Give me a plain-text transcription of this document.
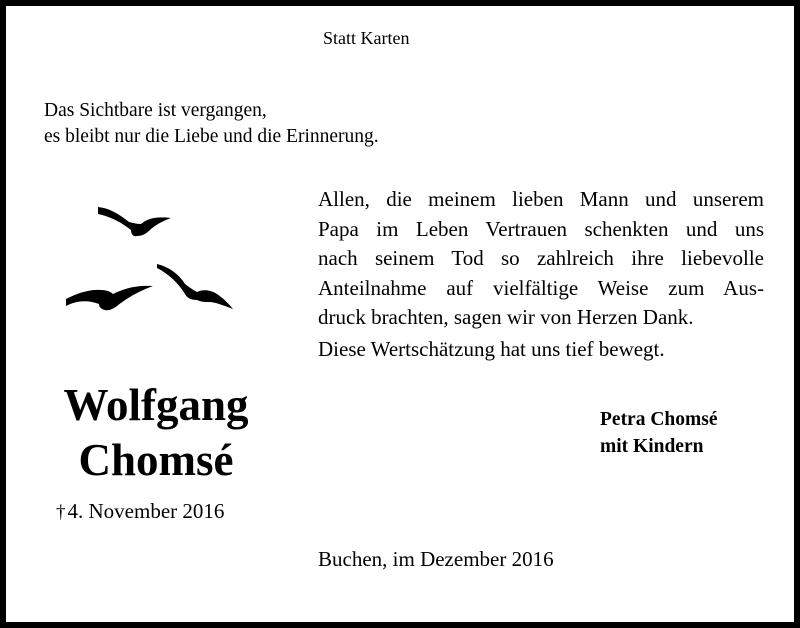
Statt Karten
Das Sichtbare ist vergangen,
es bleibt nur die Liebe und die Erinnerung.
Wolfgang
Chomsé
†4. November 2016
Allen, die meinem lieben Mann und unserem
Papa im Leben Vertrauen schenkten und uns
nach seinem Tod so zahlreich ihre liebevolle
Anteilnahme auf vielfältige Weise zum Aus-
druck brachten, sagen wir von Herzen Dank.
Diese Wertschätzung hat uns tief bewegt.
Petra Chomsé
mit Kindern
Buchen, im Dezember 2016
